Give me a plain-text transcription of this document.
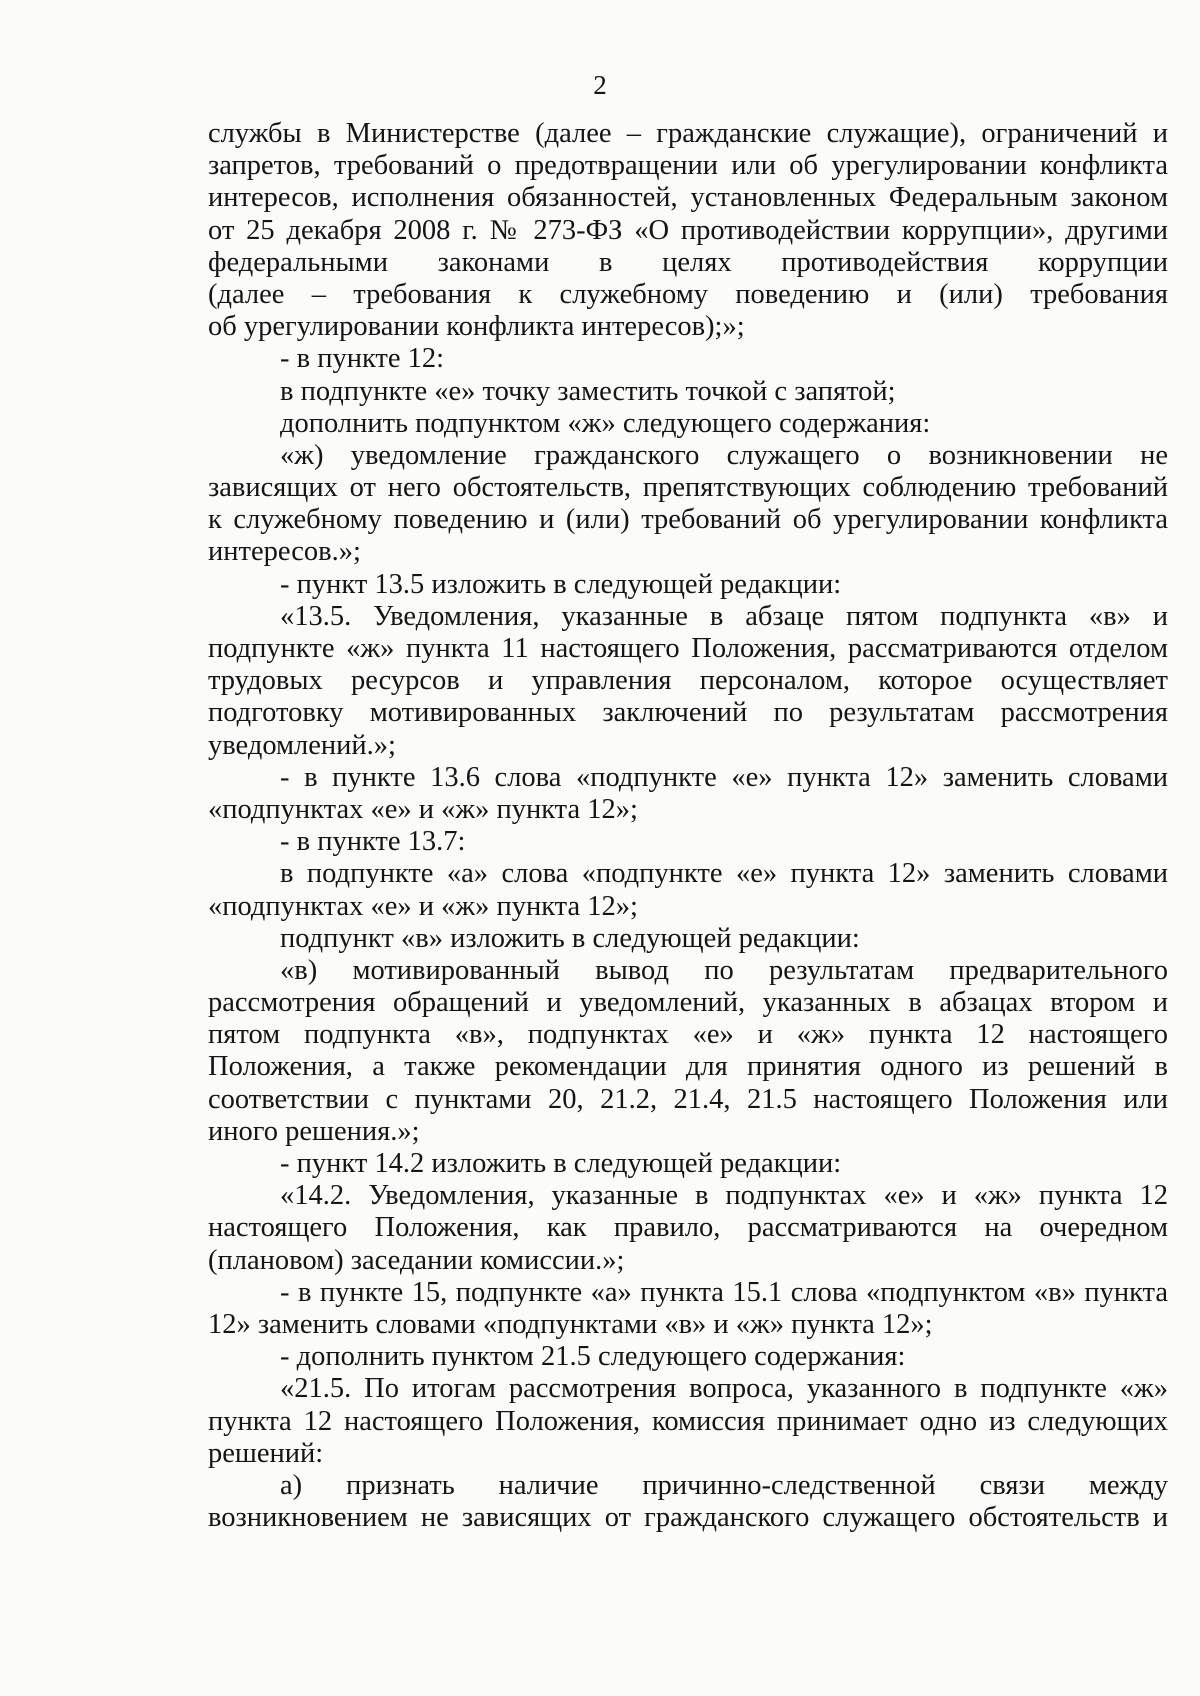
2
службы в Министерстве (далее – гражданские служащие), ограничений и
запретов, требований о предотвращении или об урегулировании конфликта
интересов, исполнения обязанностей, установленных Федеральным законом
от 25 декабря 2008 г. № 273-ФЗ «О противодействии коррупции», другими
федеральными законами в целях противодействия коррупции
(далее – требования к служебному поведению и (или) требования
об урегулировании конфликта интересов);»;
- в пункте 12:
в подпункте «е» точку заместить точкой с запятой;
дополнить подпунктом «ж» следующего содержания:
«ж) уведомление гражданского служащего о возникновении не
зависящих от него обстоятельств, препятствующих соблюдению требований
к служебному поведению и (или) требований об урегулировании конфликта
интересов.»;
- пункт 13.5 изложить в следующей редакции:
«13.5. Уведомления, указанные в абзаце пятом подпункта «в» и
подпункте «ж» пункта 11 настоящего Положения, рассматриваются отделом
трудовых ресурсов и управления персоналом, которое осуществляет
подготовку мотивированных заключений по результатам рассмотрения
уведомлений.»;
- в пункте 13.6 слова «подпункте «е» пункта 12» заменить словами
«подпунктах «е» и «ж» пункта 12»;
- в пункте 13.7:
в подпункте «а» слова «подпункте «е» пункта 12» заменить словами
«подпунктах «е» и «ж» пункта 12»;
подпункт «в» изложить в следующей редакции:
«в) мотивированный вывод по результатам предварительного
рассмотрения обращений и уведомлений, указанных в абзацах втором и
пятом подпункта «в», подпунктах «е» и «ж» пункта 12 настоящего
Положения, а также рекомендации для принятия одного из решений в
соответствии с пунктами 20, 21.2, 21.4, 21.5 настоящего Положения или
иного решения.»;
- пункт 14.2 изложить в следующей редакции:
«14.2. Уведомления, указанные в подпунктах «е» и «ж» пункта 12
настоящего Положения, как правило, рассматриваются на очередном
(плановом) заседании комиссии.»;
- в пункте 15, подпункте «а» пункта 15.1 слова «подпунктом «в» пункта
12» заменить словами «подпунктами «в» и «ж» пункта 12»;
- дополнить пунктом 21.5 следующего содержания:
«21.5. По итогам рассмотрения вопроса, указанного в подпункте «ж»
пункта 12 настоящего Положения, комиссия принимает одно из следующих
решений:
а) признать наличие причинно-следственной связи между
возникновением не зависящих от гражданского служащего обстоятельств и
